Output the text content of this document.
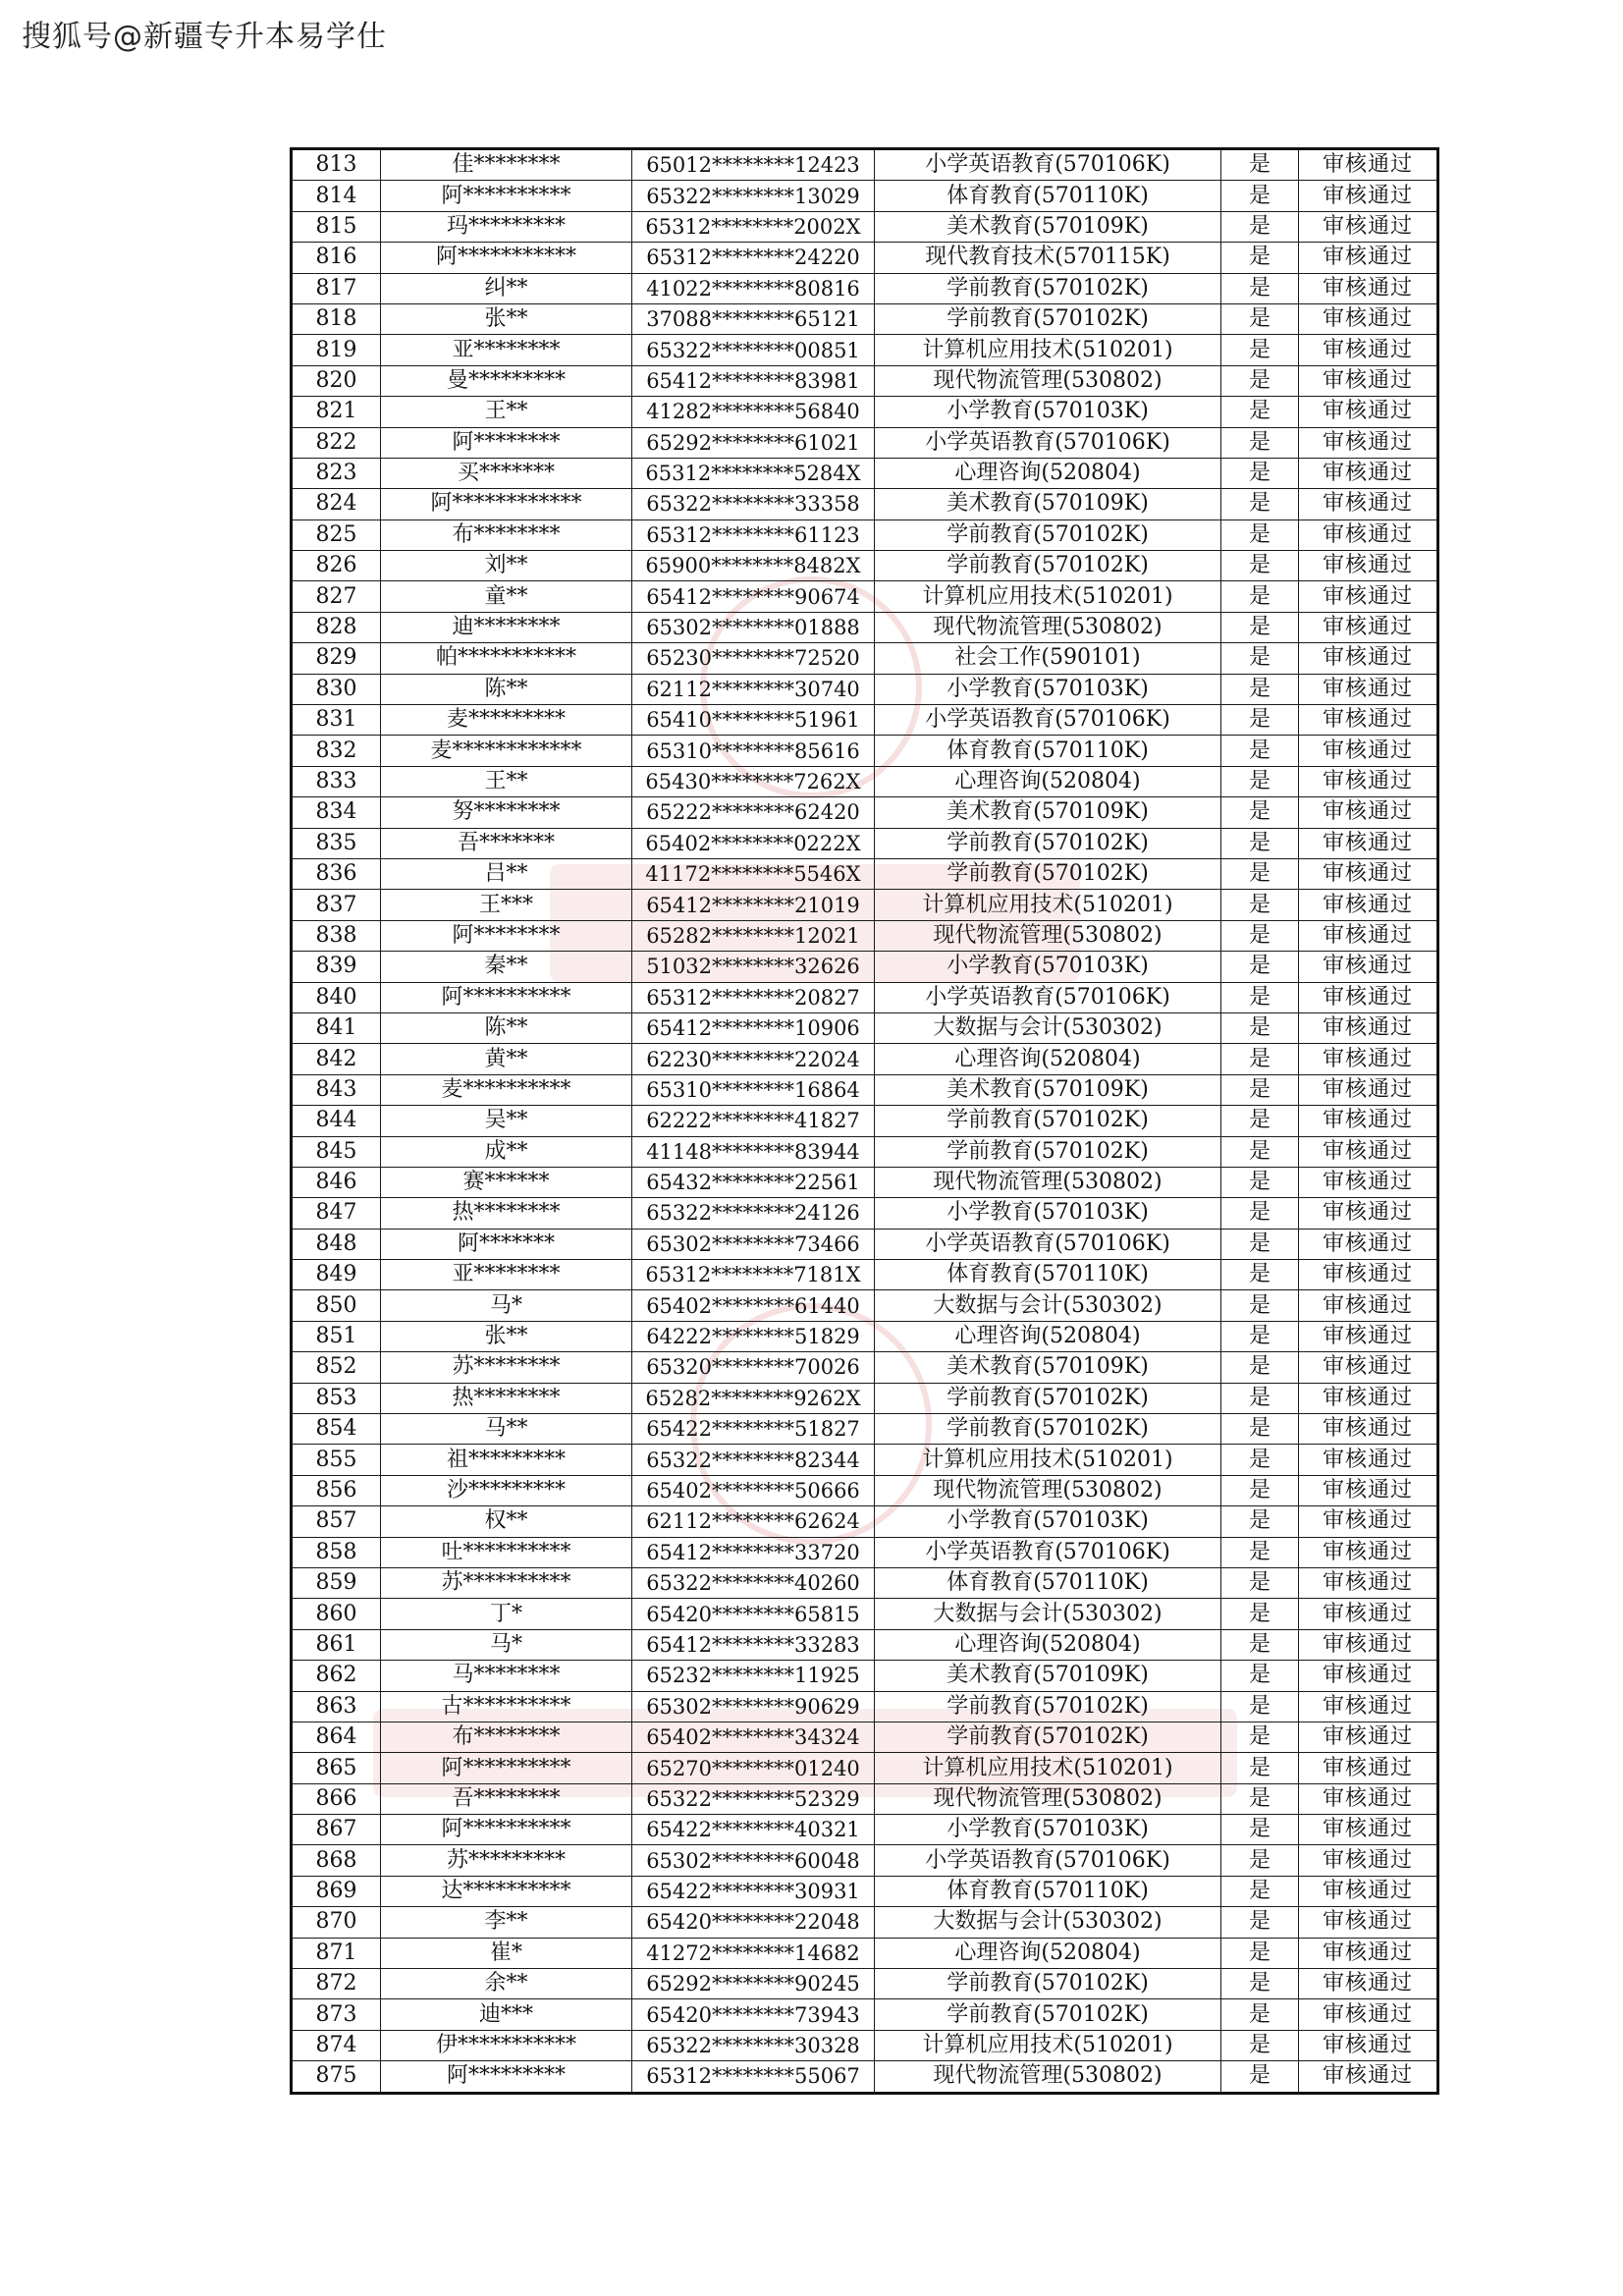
搜狐号@新疆专升本易学仕
813	佳********	65012********12423	小学英语教育(570106K)	是	审核通过
814	阿**********	65322********13029	体育教育(570110K)	是	审核通过
815	玛*********	65312********2002X	美术教育(570109K)	是	审核通过
816	阿***********	65312********24220	现代教育技术(570115K)	是	审核通过
817	纠**	41022********80816	学前教育(570102K)	是	审核通过
818	张**	37088********65121	学前教育(570102K)	是	审核通过
819	亚********	65322********00851	计算机应用技术(510201)	是	审核通过
820	曼*********	65412********83981	现代物流管理(530802)	是	审核通过
821	王**	41282********56840	小学教育(570103K)	是	审核通过
822	阿********	65292********61021	小学英语教育(570106K)	是	审核通过
823	买*******	65312********5284X	心理咨询(520804)	是	审核通过
824	阿************	65322********33358	美术教育(570109K)	是	审核通过
825	布********	65312********61123	学前教育(570102K)	是	审核通过
826	刘**	65900********8482X	学前教育(570102K)	是	审核通过
827	童**	65412********90674	计算机应用技术(510201)	是	审核通过
828	迪********	65302********01888	现代物流管理(530802)	是	审核通过
829	帕***********	65230********72520	社会工作(590101)	是	审核通过
830	陈**	62112********30740	小学教育(570103K)	是	审核通过
831	麦*********	65410********51961	小学英语教育(570106K)	是	审核通过
832	麦************	65310********85616	体育教育(570110K)	是	审核通过
833	王**	65430********7262X	心理咨询(520804)	是	审核通过
834	努********	65222********62420	美术教育(570109K)	是	审核通过
835	吾*******	65402********0222X	学前教育(570102K)	是	审核通过
836	吕**	41172********5546X	学前教育(570102K)	是	审核通过
837	王***	65412********21019	计算机应用技术(510201)	是	审核通过
838	阿********	65282********12021	现代物流管理(530802)	是	审核通过
839	秦**	51032********32626	小学教育(570103K)	是	审核通过
840	阿**********	65312********20827	小学英语教育(570106K)	是	审核通过
841	陈**	65412********10906	大数据与会计(530302)	是	审核通过
842	黄**	62230********22024	心理咨询(520804)	是	审核通过
843	麦**********	65310********16864	美术教育(570109K)	是	审核通过
844	吴**	62222********41827	学前教育(570102K)	是	审核通过
845	成**	41148********83944	学前教育(570102K)	是	审核通过
846	赛******	65432********22561	现代物流管理(530802)	是	审核通过
847	热********	65322********24126	小学教育(570103K)	是	审核通过
848	阿*******	65302********73466	小学英语教育(570106K)	是	审核通过
849	亚********	65312********7181X	体育教育(570110K)	是	审核通过
850	马*	65402********61440	大数据与会计(530302)	是	审核通过
851	张**	64222********51829	心理咨询(520804)	是	审核通过
852	苏********	65320********70026	美术教育(570109K)	是	审核通过
853	热********	65282********9262X	学前教育(570102K)	是	审核通过
854	马**	65422********51827	学前教育(570102K)	是	审核通过
855	祖*********	65322********82344	计算机应用技术(510201)	是	审核通过
856	沙*********	65402********50666	现代物流管理(530802)	是	审核通过
857	权**	62112********62624	小学教育(570103K)	是	审核通过
858	吐**********	65412********33720	小学英语教育(570106K)	是	审核通过
859	苏**********	65322********40260	体育教育(570110K)	是	审核通过
860	丁*	65420********65815	大数据与会计(530302)	是	审核通过
861	马*	65412********33283	心理咨询(520804)	是	审核通过
862	马********	65232********11925	美术教育(570109K)	是	审核通过
863	古**********	65302********90629	学前教育(570102K)	是	审核通过
864	布********	65402********34324	学前教育(570102K)	是	审核通过
865	阿**********	65270********01240	计算机应用技术(510201)	是	审核通过
866	吾********	65322********52329	现代物流管理(530802)	是	审核通过
867	阿**********	65422********40321	小学教育(570103K)	是	审核通过
868	苏*********	65302********60048	小学英语教育(570106K)	是	审核通过
869	达**********	65422********30931	体育教育(570110K)	是	审核通过
870	李**	65420********22048	大数据与会计(530302)	是	审核通过
871	崔*	41272********14682	心理咨询(520804)	是	审核通过
872	余**	65292********90245	学前教育(570102K)	是	审核通过
873	迪***	65420********73943	学前教育(570102K)	是	审核通过
874	伊***********	65322********30328	计算机应用技术(510201)	是	审核通过
875	阿*********	65312********55067	现代物流管理(530802)	是	审核通过
